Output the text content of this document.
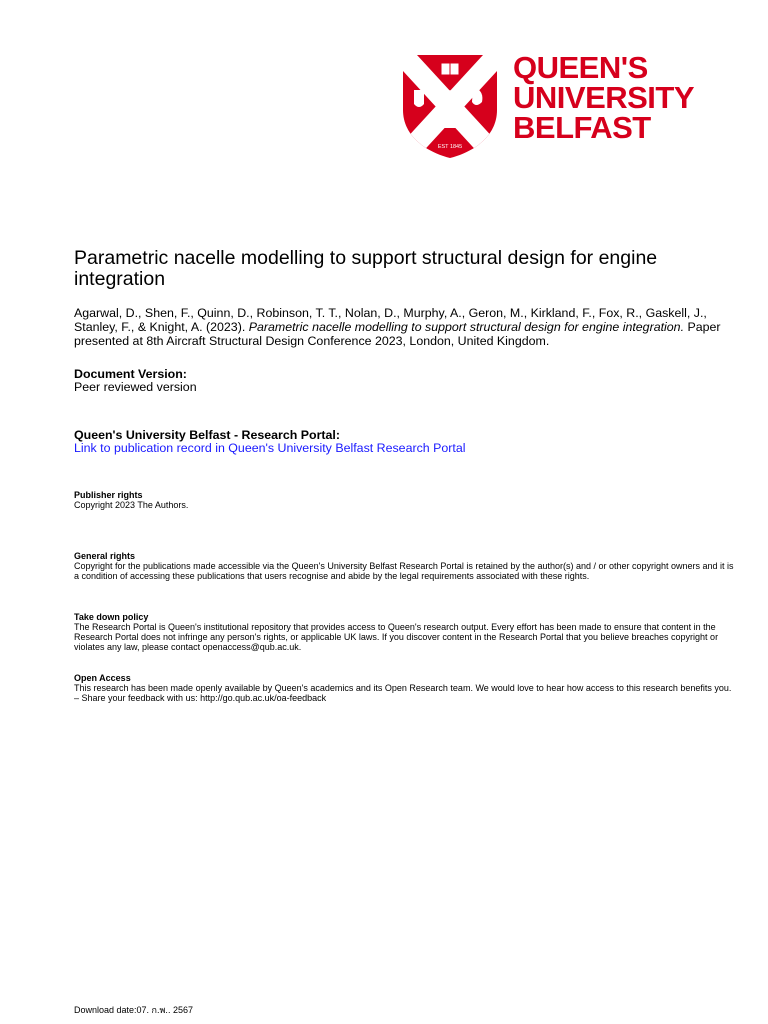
EST 1845
QUEEN'S
UNIVERSITY
BELFAST
Parametric nacelle modelling to support structural design for engine integration
Agarwal, D., Shen, F., Quinn, D., Robinson, T. T., Nolan, D., Murphy, A., Geron, M., Kirkland, F., Fox, R., Gaskell, J., Stanley, F., & Knight, A. (2023). Parametric nacelle modelling to support structural design for engine integration. Paper presented at 8th Aircraft Structural Design Conference 2023, London, United Kingdom.
Document Version:
Peer reviewed version
Queen's University Belfast - Research Portal:
Link to publication record in Queen's University Belfast Research Portal
Publisher rights
Copyright 2023 The Authors.
General rights
Copyright for the publications made accessible via the Queen's University Belfast Research Portal is retained by the author(s) and / or other copyright owners and it is a condition of accessing these publications that users recognise and abide by the legal requirements associated with these rights.
Take down policy
The Research Portal is Queen's institutional repository that provides access to Queen's research output. Every effort has been made to ensure that content in the Research Portal does not infringe any person's rights, or applicable UK laws. If you discover content in the Research Portal that you believe breaches copyright or violates any law, please contact openaccess@qub.ac.uk.
Open Access
This research has been made openly available by Queen's academics and its Open Research team. We would love to hear how access to this research benefits you. – Share your feedback with us: http://go.qub.ac.uk/oa-feedback
Download date:07. ก.พ.. 2567
